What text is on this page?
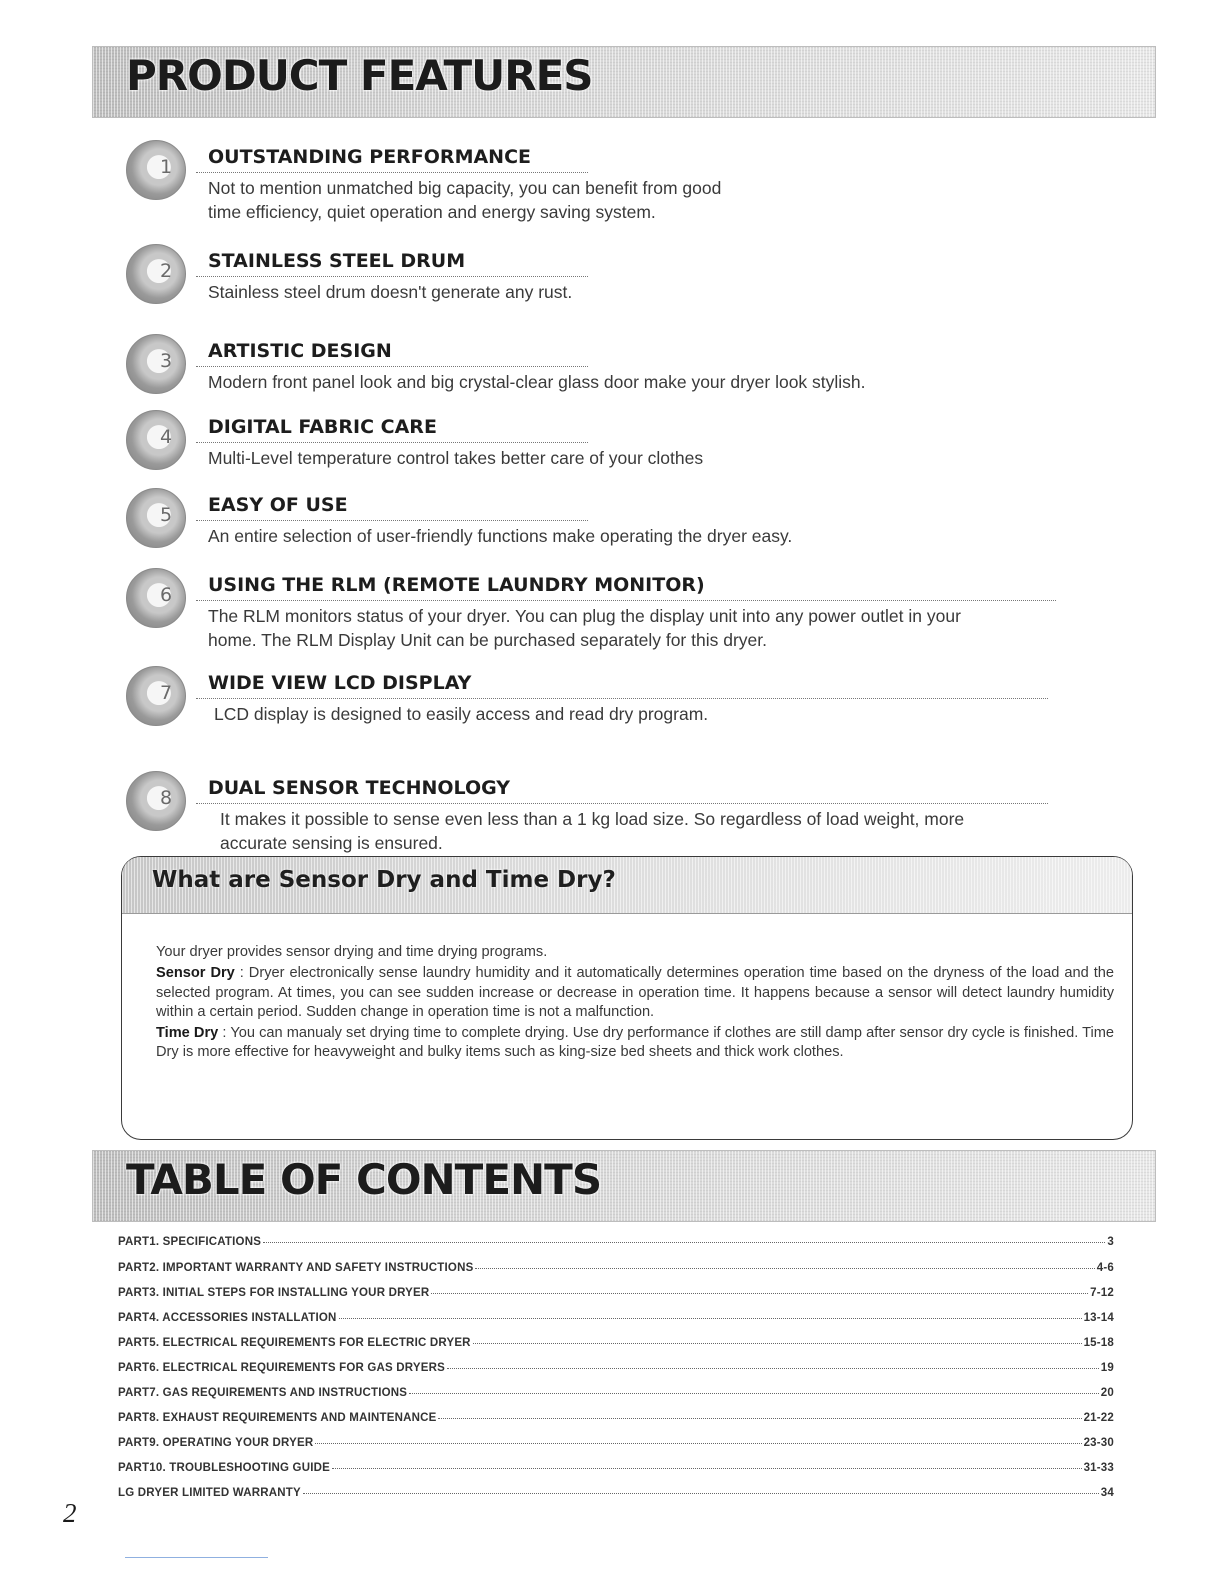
PRODUCT FEATURES
1 OUTSTANDING PERFORMANCE
Not to mention unmatched big capacity, you can benefit from good
time efficiency, quiet operation and energy saving system.
2 STAINLESS STEEL DRUM
Stainless steel drum doesn't generate any rust.
3 ARTISTIC DESIGN
Modern front panel look and big crystal-clear glass door make your dryer look stylish.
4 DIGITAL FABRIC CARE
Multi-Level temperature control takes better care of your clothes
5 EASY OF USE
An entire selection of user-friendly functions make operating the dryer easy.
6 USING THE RLM (REMOTE LAUNDRY MONITOR)
The RLM monitors status of your dryer. You can plug the display unit into any power outlet in your
home. The RLM Display Unit can be purchased separately for this dryer.
7 WIDE VIEW LCD DISPLAY
LCD display is designed to easily access and read dry program.
8 DUAL SENSOR TECHNOLOGY
It makes it possible to sense even less than a 1 kg load size. So regardless of load weight, more
accurate sensing is ensured.
What are Sensor Dry and Time Dry?

Your dryer provides sensor drying and time drying programs.

Sensor Dry : Dryer electronically sense laundry humidity and it automatically determines operation time based on the dryness of the load and the selected program. At times, you can see sudden increase or decrease in operation time. It happens because a sensor will detect laundry humidity within a certain period. Sudden change in operation time is not a malfunction.

Time Dry : You can manualy set drying time to complete drying. Use dry performance if clothes are still damp after sensor dry cycle is finished. Time Dry is more effective for heavyweight and bulky items such as king-size bed sheets and thick work clothes.

TABLE OF CONTENTS
PART1. SPECIFICATIONS	3
PART2. IMPORTANT WARRANTY AND SAFETY INSTRUCTIONS	4-6
PART3. INITIAL STEPS FOR INSTALLING YOUR DRYER	7-12
PART4. ACCESSORIES INSTALLATION	13-14
PART5. ELECTRICAL REQUIREMENTS FOR ELECTRIC DRYER	15-18
PART6. ELECTRICAL REQUIREMENTS FOR GAS DRYERS	19
PART7. GAS REQUIREMENTS AND INSTRUCTIONS	20
PART8. EXHAUST REQUIREMENTS AND MAINTENANCE	21-22
PART9. OPERATING YOUR DRYER	23-30
PART10. TROUBLESHOOTING GUIDE	31-33
LG DRYER LIMITED WARRANTY	34
2
